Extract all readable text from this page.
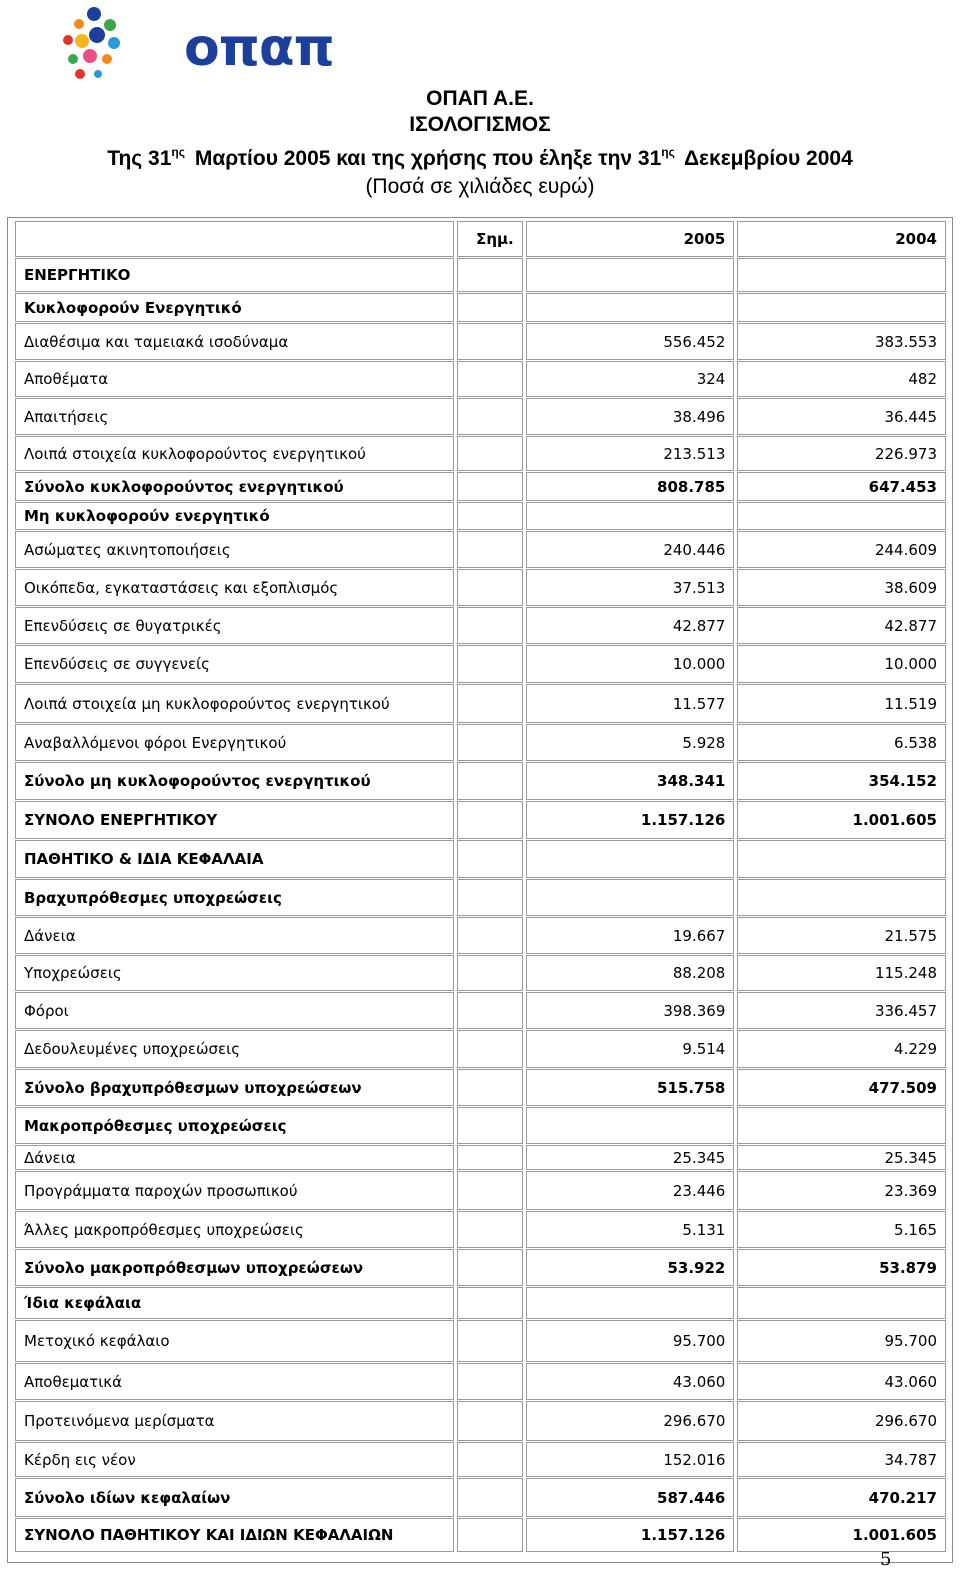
οπαπ
ΟΠΑΠ Α.Ε.
ΙΣΟΛΟΓΙΣΜΟΣ
Της $31^{\eta\varsigma}$ Μαρτίου 2005 και της χρήσης που έληξε την $31^{\eta\varsigma}$ Δεκεμβρίου 2004
(Ποσά σε χιλιάδες ευρώ)
	Σημ.	2005	2004
ΕΝΕΡΓΗΤΙΚΟ			
Κυκλοφορούν Ενεργητικό			
Διαθέσιμα και ταμειακά ισοδύναμα		556.452	383.553
Αποθέματα		324	482
Απαιτήσεις		38.496	36.445
Λοιπά στοιχεία κυκλοφορούντος ενεργητικού		213.513	226.973
Σύνολο κυκλοφορούντος ενεργητικού		808.785	647.453
Μη κυκλοφορούν ενεργητικό			
Ασώματες ακινητοποιήσεις		240.446	244.609
Οικόπεδα, εγκαταστάσεις και εξοπλισμός		37.513	38.609
Επενδύσεις σε θυγατρικές		42.877	42.877
Επενδύσεις σε συγγενείς		10.000	10.000
Λοιπά στοιχεία μη κυκλοφορούντος ενεργητικού		11.577	11.519
Αναβαλλόμενοι φόροι Ενεργητικού		5.928	6.538
Σύνολο μη κυκλοφορούντος ενεργητικού		348.341	354.152
ΣΥΝΟΛΟ ΕΝΕΡΓΗΤΙΚΟΥ		1.157.126	1.001.605
ΠΑΘΗΤΙΚΟ & ΙΔΙΑ ΚΕΦΑΛΑΙΑ			
Βραχυπρόθεσμες υποχρεώσεις			
Δάνεια		19.667	21.575
Υποχρεώσεις		88.208	115.248
Φόροι		398.369	336.457
Δεδουλευμένες υποχρεώσεις		9.514	4.229
Σύνολο βραχυπρόθεσμων υποχρεώσεων		515.758	477.509
Μακροπρόθεσμες υποχρεώσεις			
Δάνεια		25.345	25.345
Προγράμματα παροχών προσωπικού		23.446	23.369
Άλλες μακροπρόθεσμες υποχρεώσεις		5.131	5.165
Σύνολο μακροπρόθεσμων υποχρεώσεων		53.922	53.879
Ίδια κεφάλαια			
Μετοχικό κεφάλαιο		95.700	95.700
Αποθεματικά		43.060	43.060
Προτεινόμενα μερίσματα		296.670	296.670
Κέρδη εις νέον		152.016	34.787
Σύνολο ιδίων κεφαλαίων		587.446	470.217
ΣΥΝΟΛΟ ΠΑΘΗΤΙΚΟΥ ΚΑΙ ΙΔΙΩΝ ΚΕΦΑΛΑΙΩΝ		1.157.126	1.001.605
5
